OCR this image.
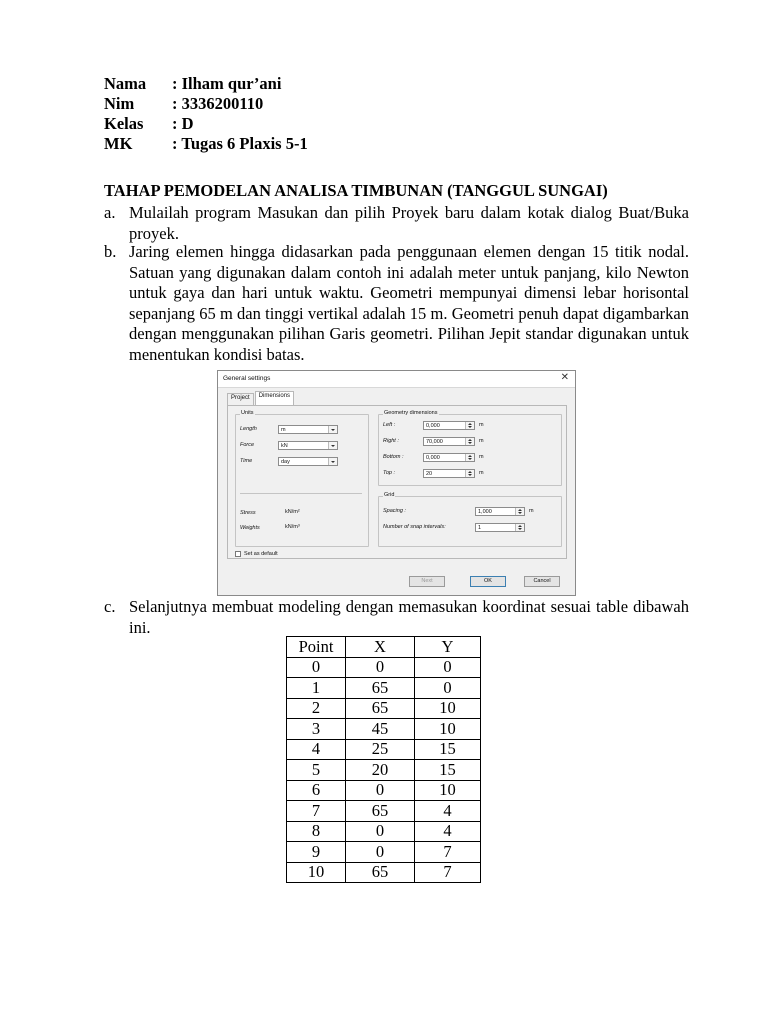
Nama	: Ilham qur’ani
Nim	: 3336200110
Kelas	: D
MK	: Tugas 6 Plaxis 5-1
TAHAP PEMODELAN ANALISA TIMBUNAN (TANGGUL SUNGAI)
a. Mulailah program Masukan dan pilih Proyek baru dalam kotak dialog Buat/Buka proyek.
b. Jaring elemen hingga didasarkan pada penggunaan elemen dengan 15 titik nodal. Satuan yang digunakan dalam contoh ini adalah meter untuk panjang, kilo Newton untuk gaya dan hari untuk waktu. Geometri mempunyai dimensi lebar horisontal sepanjang 65 m dan tinggi vertikal adalah 15 m. Geometri penuh dapat digambarkan dengan menggunakan pilihan Garis geometri. Pilihan Jepit standar digunakan untuk menentukan kondisi batas.
General settings	✕
Project	Dimensions
Units
Length	m
Force	kN
Time	day
Stress	kN/m²
Weights	kN/m³
Geometry dimensions
Left :	0,000	m
Right :	70,000	m
Bottom :	0,000	m
Top :	20	m
Grid
Spacing :	1,000	m
Number of snap intervals:	1
Set as default
Next	OK	Cancel
c. Selanjutnya membuat modeling dengan memasukan koordinat sesuai table dibawah ini.
Point	X	Y
0	0	0
1	65	0
2	65	10
3	45	10
4	25	15
5	20	15
6	0	10
7	65	4
8	0	4
9	0	7
10	65	7
